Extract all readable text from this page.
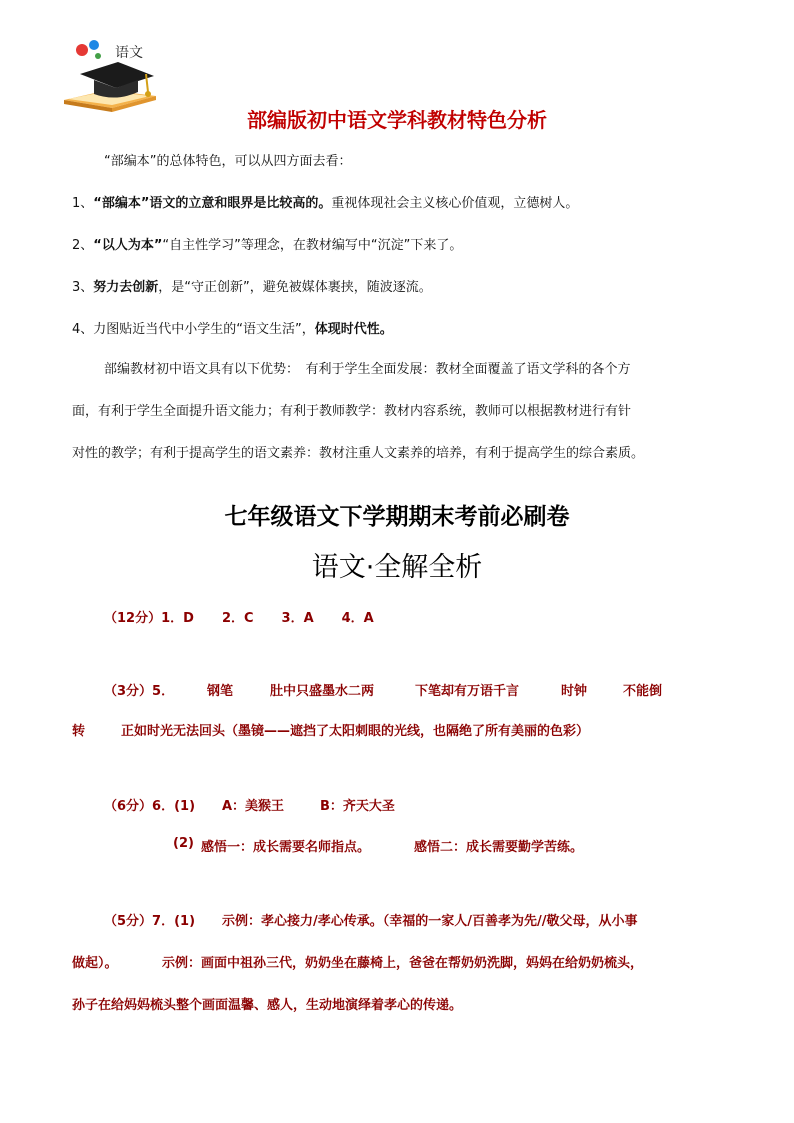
语文
部编版初中语文学科教材特色分析
“部编本”的总体特色，可以从四方面去看：
1、“部编本”语文的立意和眼界是比较高的。重视体现社会主义核心价值观，立德树人。
2、“以人为本”“自主性学习”等理念，在教材编写中“沉淀”下来了。
3、努力去创新，是“守正创新”，避免被媒体裹挟，随波逐流。
4、力图贴近当代中小学生的“语文生活”，体现时代性。
部编教材初中语文具有以下优势：　有利于学生全面发展：教材全面覆盖了语文学科的各个方
面，有利于学生全面提升语文能力；有利于教师教学：教材内容系统，教师可以根据教材进行有针
对性的教学；有利于提高学生的语文素养：教材注重人文素养的培养，有利于提高学生的综合素质。
七年级语文下学期期末考前必刷卷
语文·全解全析
（12分）1．D 2．C 3．A 4．A
（3分）5．	钢笔	肚中只盛墨水二两	下笔却有万语千言	时钟	不能倒
转	正如时光无法回头（墨镜——遮挡了太阳刺眼的光线，也隔绝了所有美丽的色彩）
（6分）6．(1) A：美猴王	B：齐天大圣
(2) 感悟一：成长需要名师指点。	感悟二：成长需要勤学苦练。
（5分）7．(1) 示例：孝心接力/孝心传承。（幸福的一家人/百善孝为先//敬父母，从小事
做起）。	示例：画面中祖孙三代，奶奶坐在藤椅上，爸爸在帮奶奶洗脚，妈妈在给奶奶梳头，
孙子在给妈妈梳头整个画面温馨、感人，生动地演绎着孝心的传递。
